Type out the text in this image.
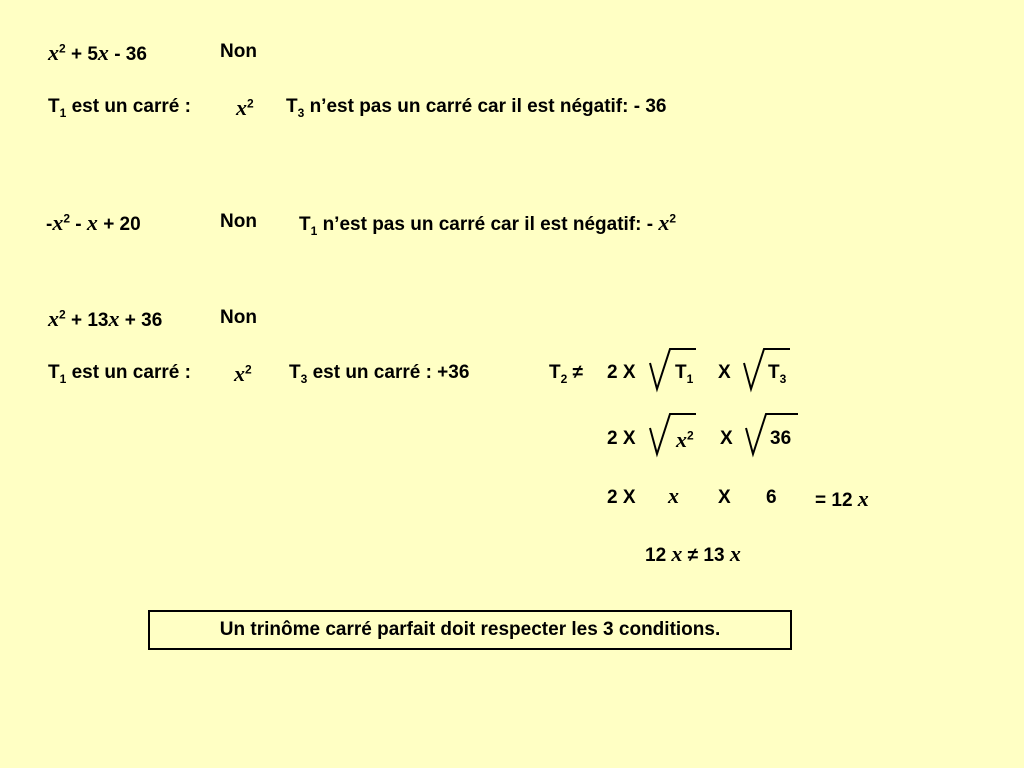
$x^2 + 5x - 36$	Non
$T_1$ est un carré : $x^2$ $T_3$ n’est pas un carré car il est négatif: - 36
$-x^2 - x + 20$	Non $T_1$ n’est pas un carré car il est négatif: - $x^2$
$x^2 + 13x + 36$	Non
$T_1$ est un carré : $x^2$ $T_3$ est un carré : +36	$T_2 \ne 2$ X $T_1$ X $T_3$
2 X $x^2$ X 36
2 X x X 6 = 12 x
12 x ≠ 13 x
Un trinôme carré parfait doit respecter les 3 conditions.
